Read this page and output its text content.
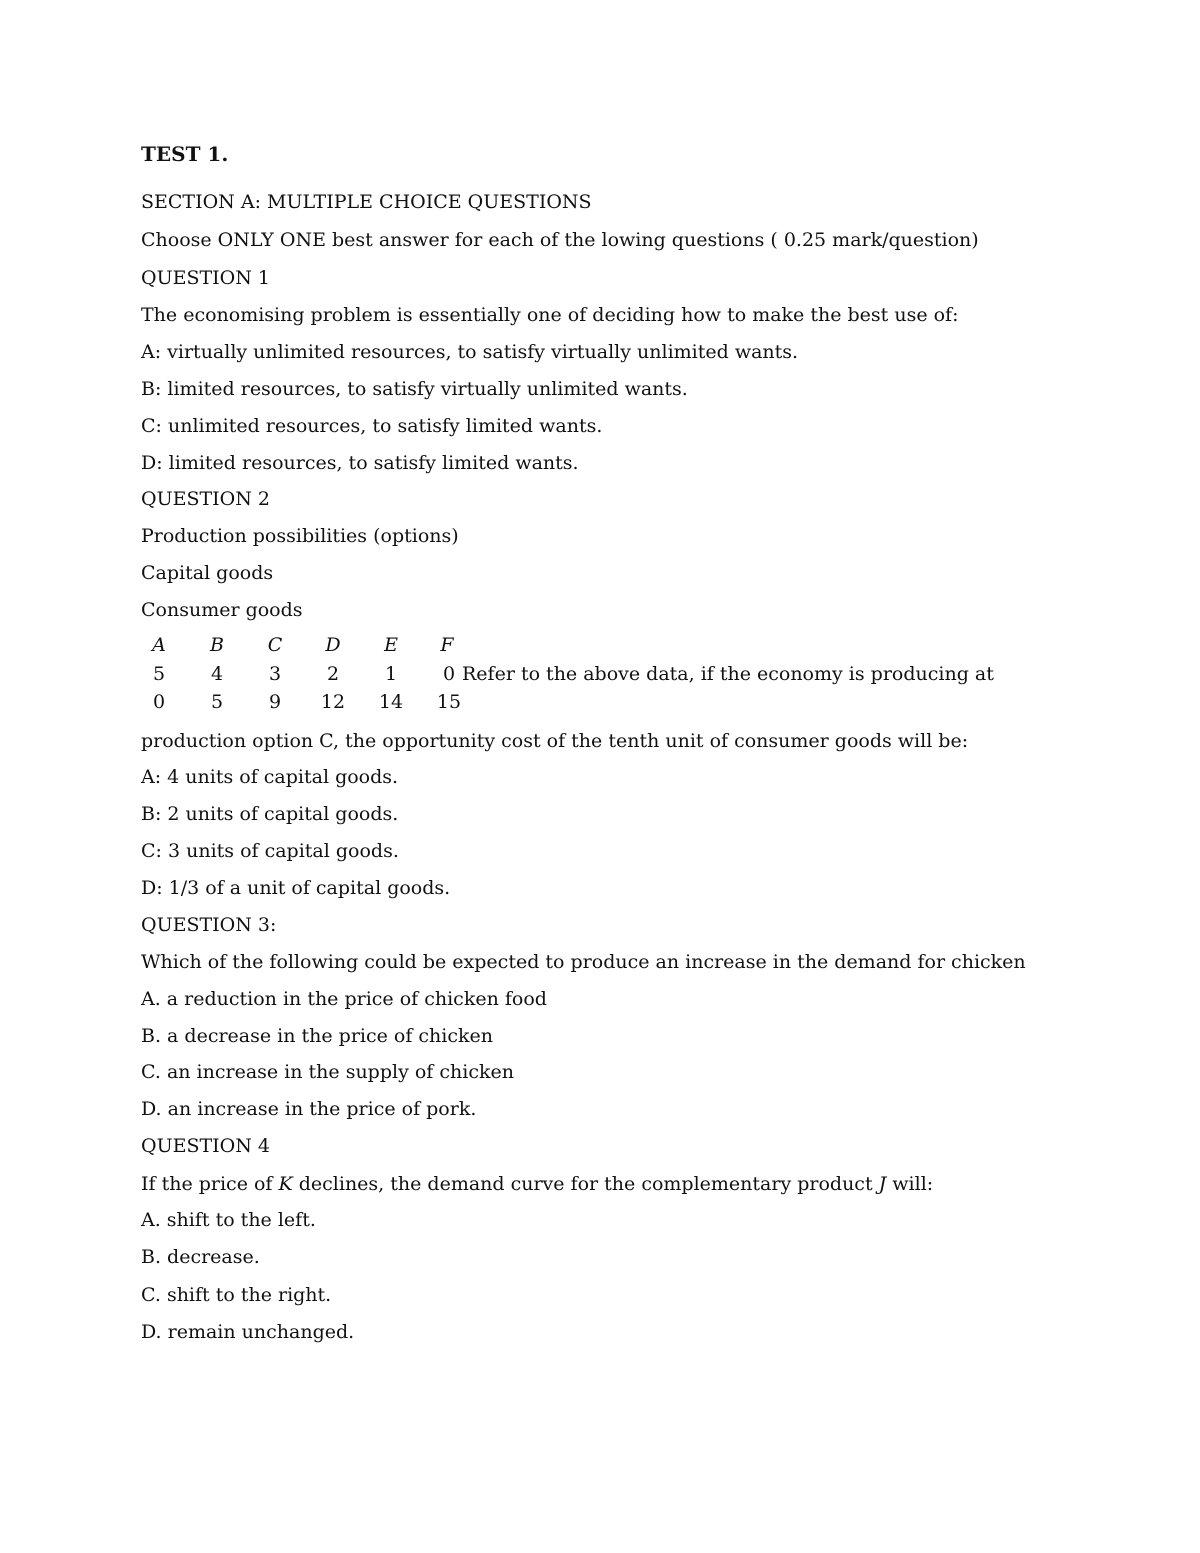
TEST 1.
SECTION A: MULTIPLE CHOICE QUESTIONS
Choose ONLY ONE best answer for each of the lowing questions ( 0.25 mark/question)
QUESTION 1
The economising problem is essentially one of deciding how to make the best use of:
A: virtually unlimited resources, to satisfy virtually unlimited wants.
B: limited resources, to satisfy virtually unlimited wants.
C: unlimited resources, to satisfy limited wants.
D: limited resources, to satisfy limited wants.
QUESTION 2
Production possibilities (options)
Capital goods
Consumer goods
A	B	C	D	E	F
5	4	3	2	1	0
0	5	9	12	14	15
Refer to the above data, if the economy is producing at
production option C, the opportunity cost of the tenth unit of consumer goods will be:
A: 4 units of capital goods.
B: 2 units of capital goods.
C: 3 units of capital goods.
D: 1/3 of a unit of capital goods.
QUESTION 3:
Which of the following could be expected to produce an increase in the demand for chicken
A. a reduction in the price of chicken food
B. a decrease in the price of chicken
C. an increase in the supply of chicken
D. an increase in the price of pork.
QUESTION 4
If the price of K declines, the demand curve for the complementary product J will:
A. shift to the left.
B. decrease.
C. shift to the right.
D. remain unchanged.
